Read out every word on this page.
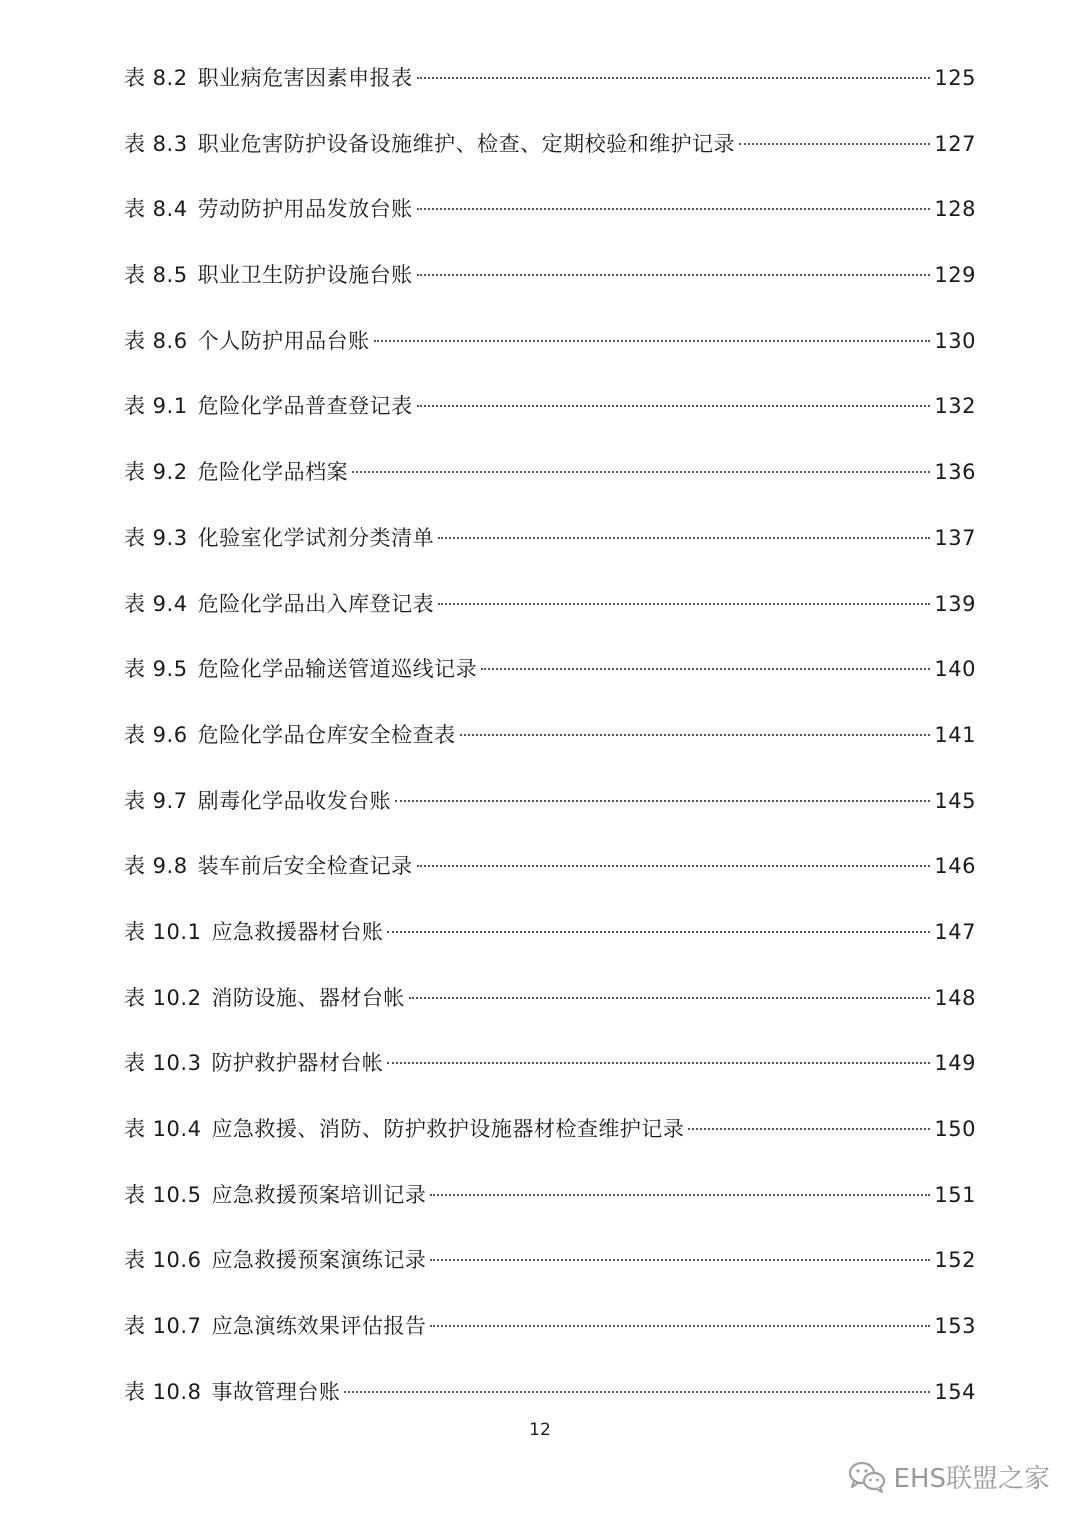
表 8.2 职业病危害因素申报表	125
表 8.3 职业危害防护设备设施维护、检查、定期校验和维护记录	127
表 8.4 劳动防护用品发放台账	128
表 8.5 职业卫生防护设施台账	129
表 8.6 个人防护用品台账	130
表 9.1 危险化学品普查登记表	132
表 9.2 危险化学品档案	136
表 9.3 化验室化学试剂分类清单	137
表 9.4 危险化学品出入库登记表	139
表 9.5 危险化学品输送管道巡线记录	140
表 9.6 危险化学品仓库安全检查表	141
表 9.7 剧毒化学品收发台账	145
表 9.8 装车前后安全检查记录	146
表 10.1 应急救援器材台账	147
表 10.2 消防设施、器材台帐	148
表 10.3 防护救护器材台帐	149
表 10.4 应急救援、消防、防护救护设施器材检查维护记录	150
表 10.5 应急救援预案培训记录	151
表 10.6 应急救援预案演练记录	152
表 10.7 应急演练效果评估报告	153
表 10.8 事故管理台账	154
12
EHS联盟之家
